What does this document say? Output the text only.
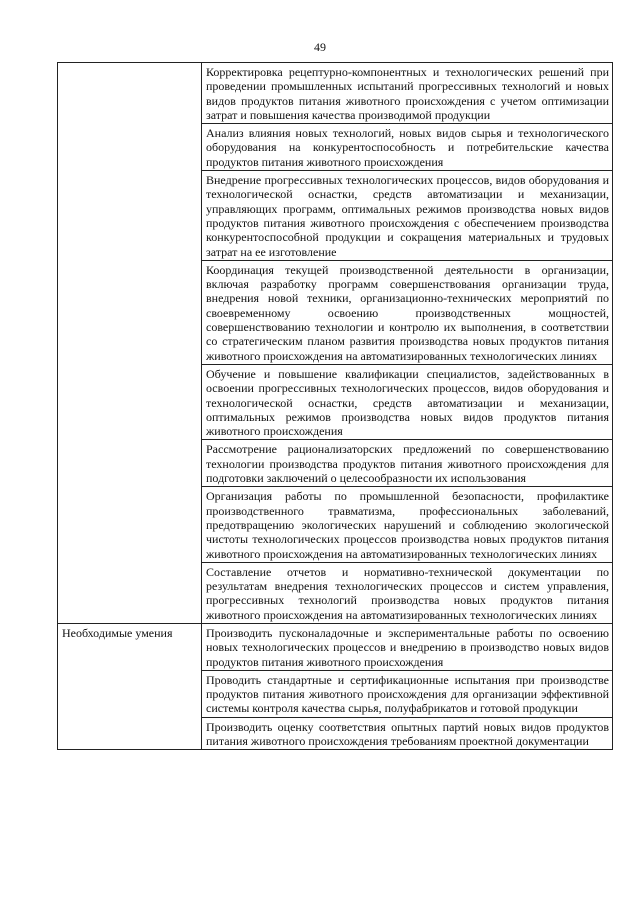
49
	Корректировка рецептурно-компонентных и технологических решений при проведении промышленных испытаний прогрессивных технологий и новых видов продуктов питания животного происхождения с учетом оптимизации затрат и повышения качества производимой продукции
	Анализ влияния новых технологий, новых видов сырья и технологического оборудования на конкурентоспособность и потребительские качества продуктов питания животного происхождения
	Внедрение прогрессивных технологических процессов, видов оборудования и технологической оснастки, средств автоматизации и механизации, управляющих программ, оптимальных режимов производства новых видов продуктов питания животного происхождения с обеспечением производства конкурентоспособной продукции и сокращения материальных и трудовых затрат на ее изготовление
	Координация текущей производственной деятельности в организации, включая разработку программ совершенствования организации труда, внедрения новой техники, организационно-технических мероприятий по своевременному освоению производственных мощностей, совершенствованию технологии и контролю их выполнения, в соответствии со стратегическим планом развития производства новых продуктов питания животного происхождения на автоматизированных технологических линиях
	Обучение и повышение квалификации специалистов, задействованных в освоении прогрессивных технологических процессов, видов оборудования и технологической оснастки, средств автоматизации и механизации, оптимальных режимов производства новых видов продуктов питания животного происхождения
	Рассмотрение рационализаторских предложений по совершенствованию технологии производства продуктов питания животного происхождения для подготовки заключений о целесообразности их использования
	Организация работы по промышленной безопасности, профилактике производственного травматизма, профессиональных заболеваний, предотвращению экологических нарушений и соблюдению экологической чистоты технологических процессов производства новых продуктов питания животного происхождения на автоматизированных технологических линиях
	Составление отчетов и нормативно-технической документации по результатам внедрения технологических процессов и систем управления, прогрессивных технологий производства новых продуктов питания животного происхождения на автоматизированных технологических линиях
Необходимые умения	Производить пусконаладочные и экспериментальные работы по освоению новых технологических процессов и внедрению в производство новых видов продуктов питания животного происхождения
	Проводить стандартные и сертификационные испытания при производстве продуктов питания животного происхождения для организации эффективной системы контроля качества сырья, полуфабрикатов и готовой продукции
	Производить оценку соответствия опытных партий новых видов продуктов питания животного происхождения требованиям проектной документации
